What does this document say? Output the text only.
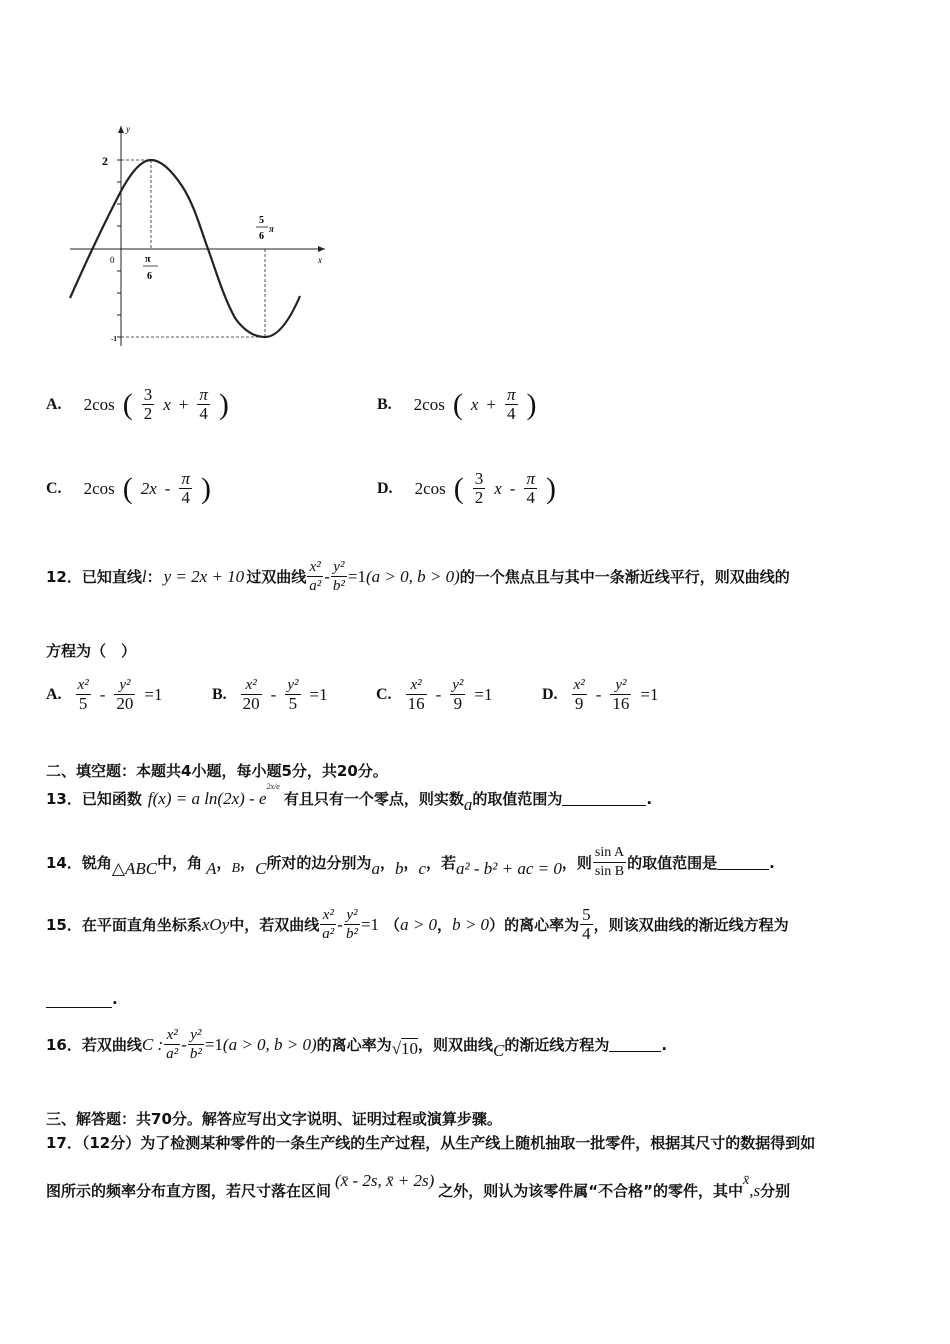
y
x
0
2
-1
π
6
5
6
π
A. 2cos ( $\frac{3}{2}$ $x + \frac{\pi}{4}$ )	B. 2cos ( $x + \frac{\pi}{4}$ )
C. 2cos ( $2x - \frac{\pi}{4}$ )	D. 2cos ( $\frac{3}{2}$ x - $\frac{\pi}{4}$ )
12． 已知直线 l ： y = 2x + 10 过双曲线 $\frac{\text{x²}}{\text{a²}} - \frac{\text{y²}}{\text{b²}} =1$ (a > 0, b > 0) 的一个焦点且与其中一条渐近线平行，则双曲线的
方程为（　）
A. $\frac{\text{x²}}{5} - \frac{\text{y²}}{20} =1$	B. $\frac{\text{x²}}{20} - \frac{\text{y²}}{5} =1$	C. $\frac{\text{x²}}{16} - \frac{\text{y²}}{9} =1$	D. $\frac{\text{x²}}{9} - \frac{\text{y²}}{16} =1$
二、填空题：本题共4小题，每小题5分，共20分。
13． 已知函数 f(x) = a ln(2x) - e
$^{2x/e}$
有且只有一个零点，则实数 a 的取值范围为	.
14． 锐角 △ABC 中，角 A ， B ， C 所对的边分别为 a ， b ， c ，若 a² - b² + ac = 0 ，则 $\frac{\text{sin A}}{\text{sin B}}$ 的取值范围是	.
15． 在平面直角坐标系 xOy 中，若双曲线 $\frac{\text{x²}}{\text{a²}} - \frac{\text{y²}}{\text{b²}} =1$ （ a > 0 ， b > 0 ） 的离心率为 $\frac{5}{4}$ ，则该双曲线的渐近线方程为
.
16． 若双曲线 C : $\frac{\text{x²}}{\text{a²}} - \frac{\text{y²}}{\text{b²}} =1$ (a > 0, b > 0) 的离心率为 √10 ，则双曲线 C 的渐近线方程为	.
三、解答题：共70分。解答应写出文字说明、证明过程或演算步骤。
17．（12分）为了检测某种零件的一条生产线的生产过程，从生产线上随机抽取一批零件，根据其尺寸的数据得到如
图所示的频率分布直方图，若尺寸落在区间
(x̄ - 2s, x̄ + 2s)
之外，则认为该零件属“不合格”的零件，其中
x̄
,s 分别
